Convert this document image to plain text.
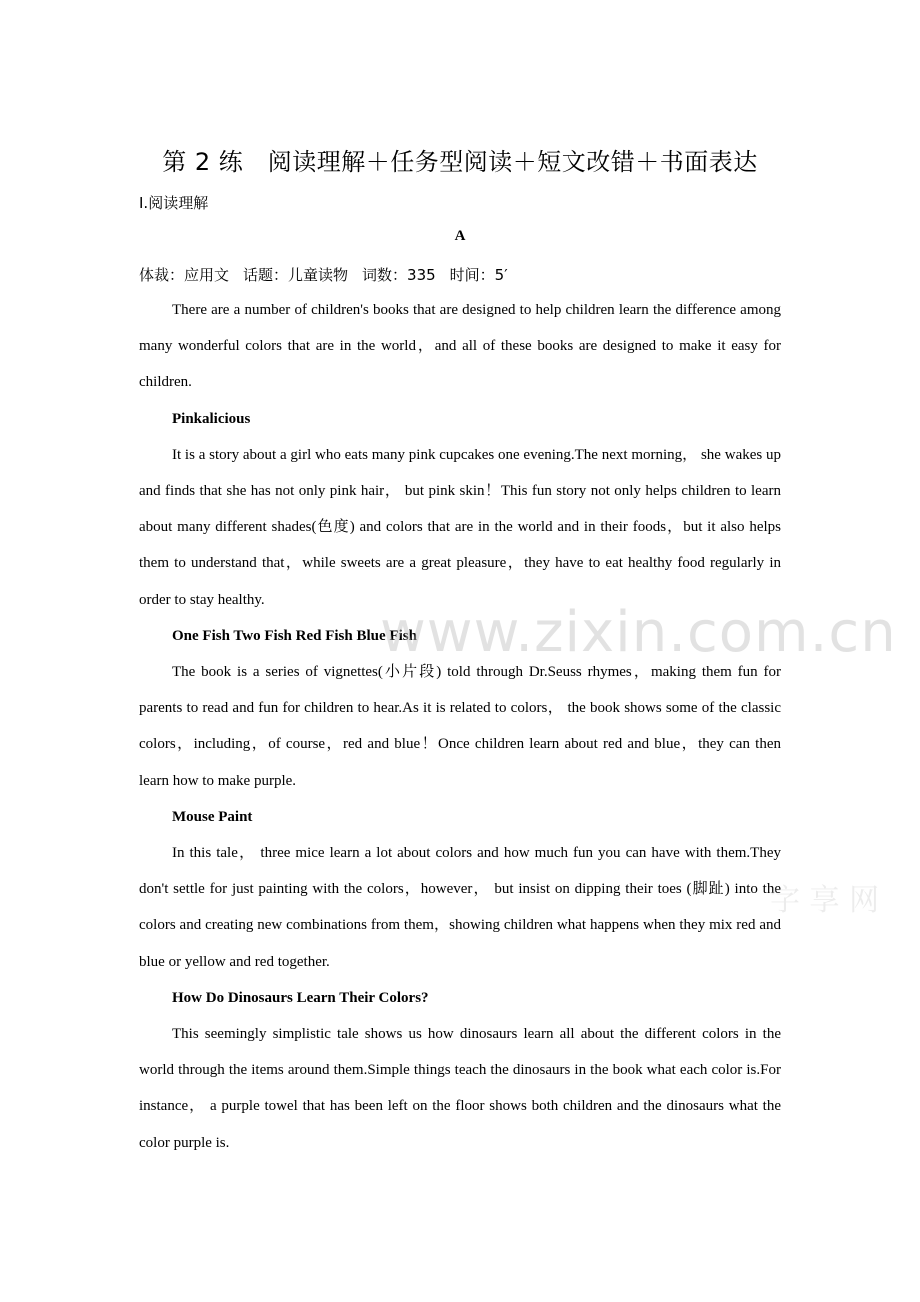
第 2 练　阅读理解＋任务型阅读＋短文改错＋书面表达
Ⅰ.阅读理解
A
体裁：应用文 话题：儿童读物 词数：335 时间：5′

There are a number of children's books that are designed to help children learn the difference among many wonderful colors that are in the world，and all of these books are designed to make it easy for children.

Pinkalicious

It is a story about a girl who eats many pink cupcakes one evening.The next morning， she wakes up and finds that she has not only pink hair， but pink skin！This fun story not only helps children to learn about many different shades(色度) and colors that are in the world and in their foods，but it also helps them to understand that，while sweets are a great pleasure，they have to eat healthy food regularly in order to stay healthy.

One Fish Two Fish Red Fish Blue Fish

The book is a series of vignettes(小片段) told through Dr.Seuss rhymes，making them fun for parents to read and fun for children to hear.As it is related to colors， the book shows some of the classic colors，including，of course，red and blue！Once children learn about red and blue，they can then learn how to make purple.

Mouse Paint

In this tale， three mice learn a lot about colors and how much fun you can have with them.They don't settle for just painting with the colors，however， but insist on dipping their toes (脚趾) into the colors and creating new combinations from them，showing children what happens when they mix red and blue or yellow and red together.

How Do Dinosaurs Learn Their Colors?

This seemingly simplistic tale shows us how dinosaurs learn all about the different colors in the world through the items around them.Simple things teach the dinosaurs in the book what each color is.For instance， a purple towel that has been left on the floor shows both children and the dinosaurs what the color purple is.

www.zixin.com.cn
字 享 网
